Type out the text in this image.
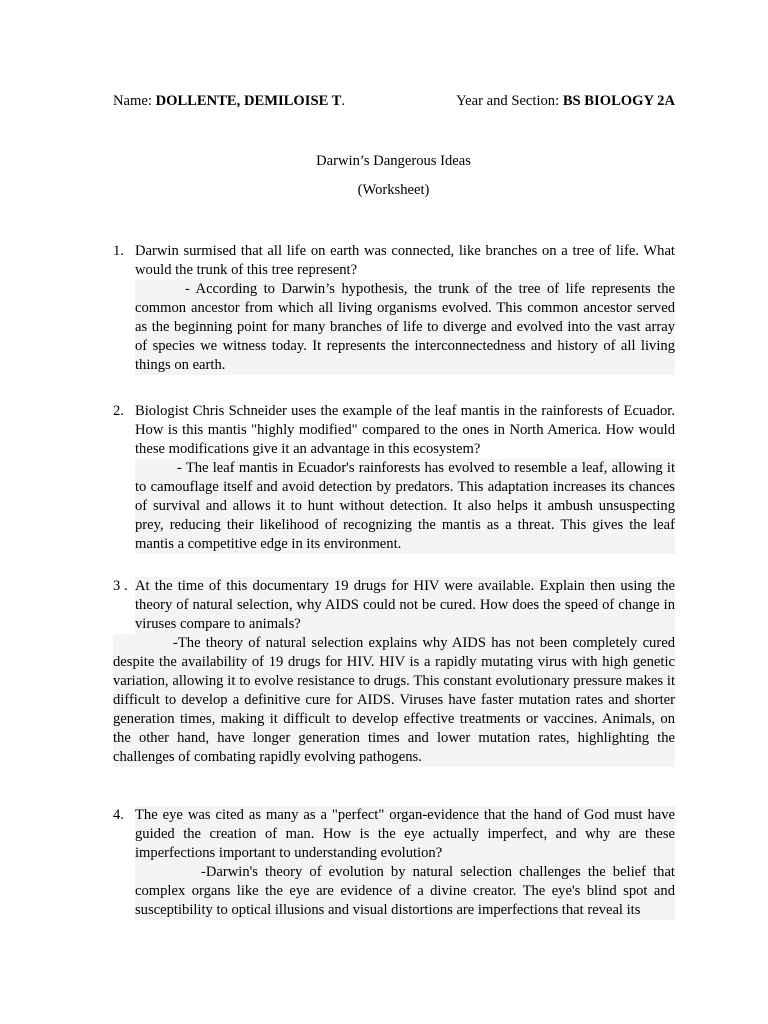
Name: DOLLENTE, DEMILOISE T.	Year and Section: BS BIOLOGY 2A
Darwin’s Dangerous Ideas
(Worksheet)
1. Darwin surmised that all life on earth was connected, like branches on a tree of life. What would the trunk of this tree represent?
- According to Darwin’s hypothesis, the trunk of the tree of life represents the common ancestor from which all living organisms evolved. This common ancestor served as the beginning point for many branches of life to diverge and evolved into the vast array of species we witness today. It represents the interconnectedness and history of all living things on earth.
2. Biologist Chris Schneider uses the example of the leaf mantis in the rainforests of Ecuador. How is this mantis "highly modified" compared to the ones in North America. How would these modifications give it an advantage in this ecosystem?
- The leaf mantis in Ecuador's rainforests has evolved to resemble a leaf, allowing it to camouflage itself and avoid detection by predators. This adaptation increases its chances of survival and allows it to hunt without detection. It also helps it ambush unsuspecting prey, reducing their likelihood of recognizing the mantis as a threat. This gives the leaf mantis a competitive edge in its environment.
3 . At the time of this documentary 19 drugs for HIV were available. Explain then using the theory of natural selection, why AIDS could not be cured. How does the speed of change in viruses compare to animals?
-The theory of natural selection explains why AIDS has not been completely cured despite the availability of 19 drugs for HIV. HIV is a rapidly mutating virus with high genetic variation, allowing it to evolve resistance to drugs. This constant evolutionary pressure makes it difficult to develop a definitive cure for AIDS. Viruses have faster mutation rates and shorter generation times, making it difficult to develop effective treatments or vaccines. Animals, on the other hand, have longer generation times and lower mutation rates, highlighting the challenges of combating rapidly evolving pathogens.
4. The eye was cited as many as a "perfect" organ-evidence that the hand of God must have guided the creation of man. How is the eye actually imperfect, and why are these imperfections important to understanding evolution?
-Darwin's theory of evolution by natural selection challenges the belief that complex organs like the eye are evidence of a divine creator. The eye's blind spot and susceptibility to optical illusions and visual distortions are imperfections that reveal its
